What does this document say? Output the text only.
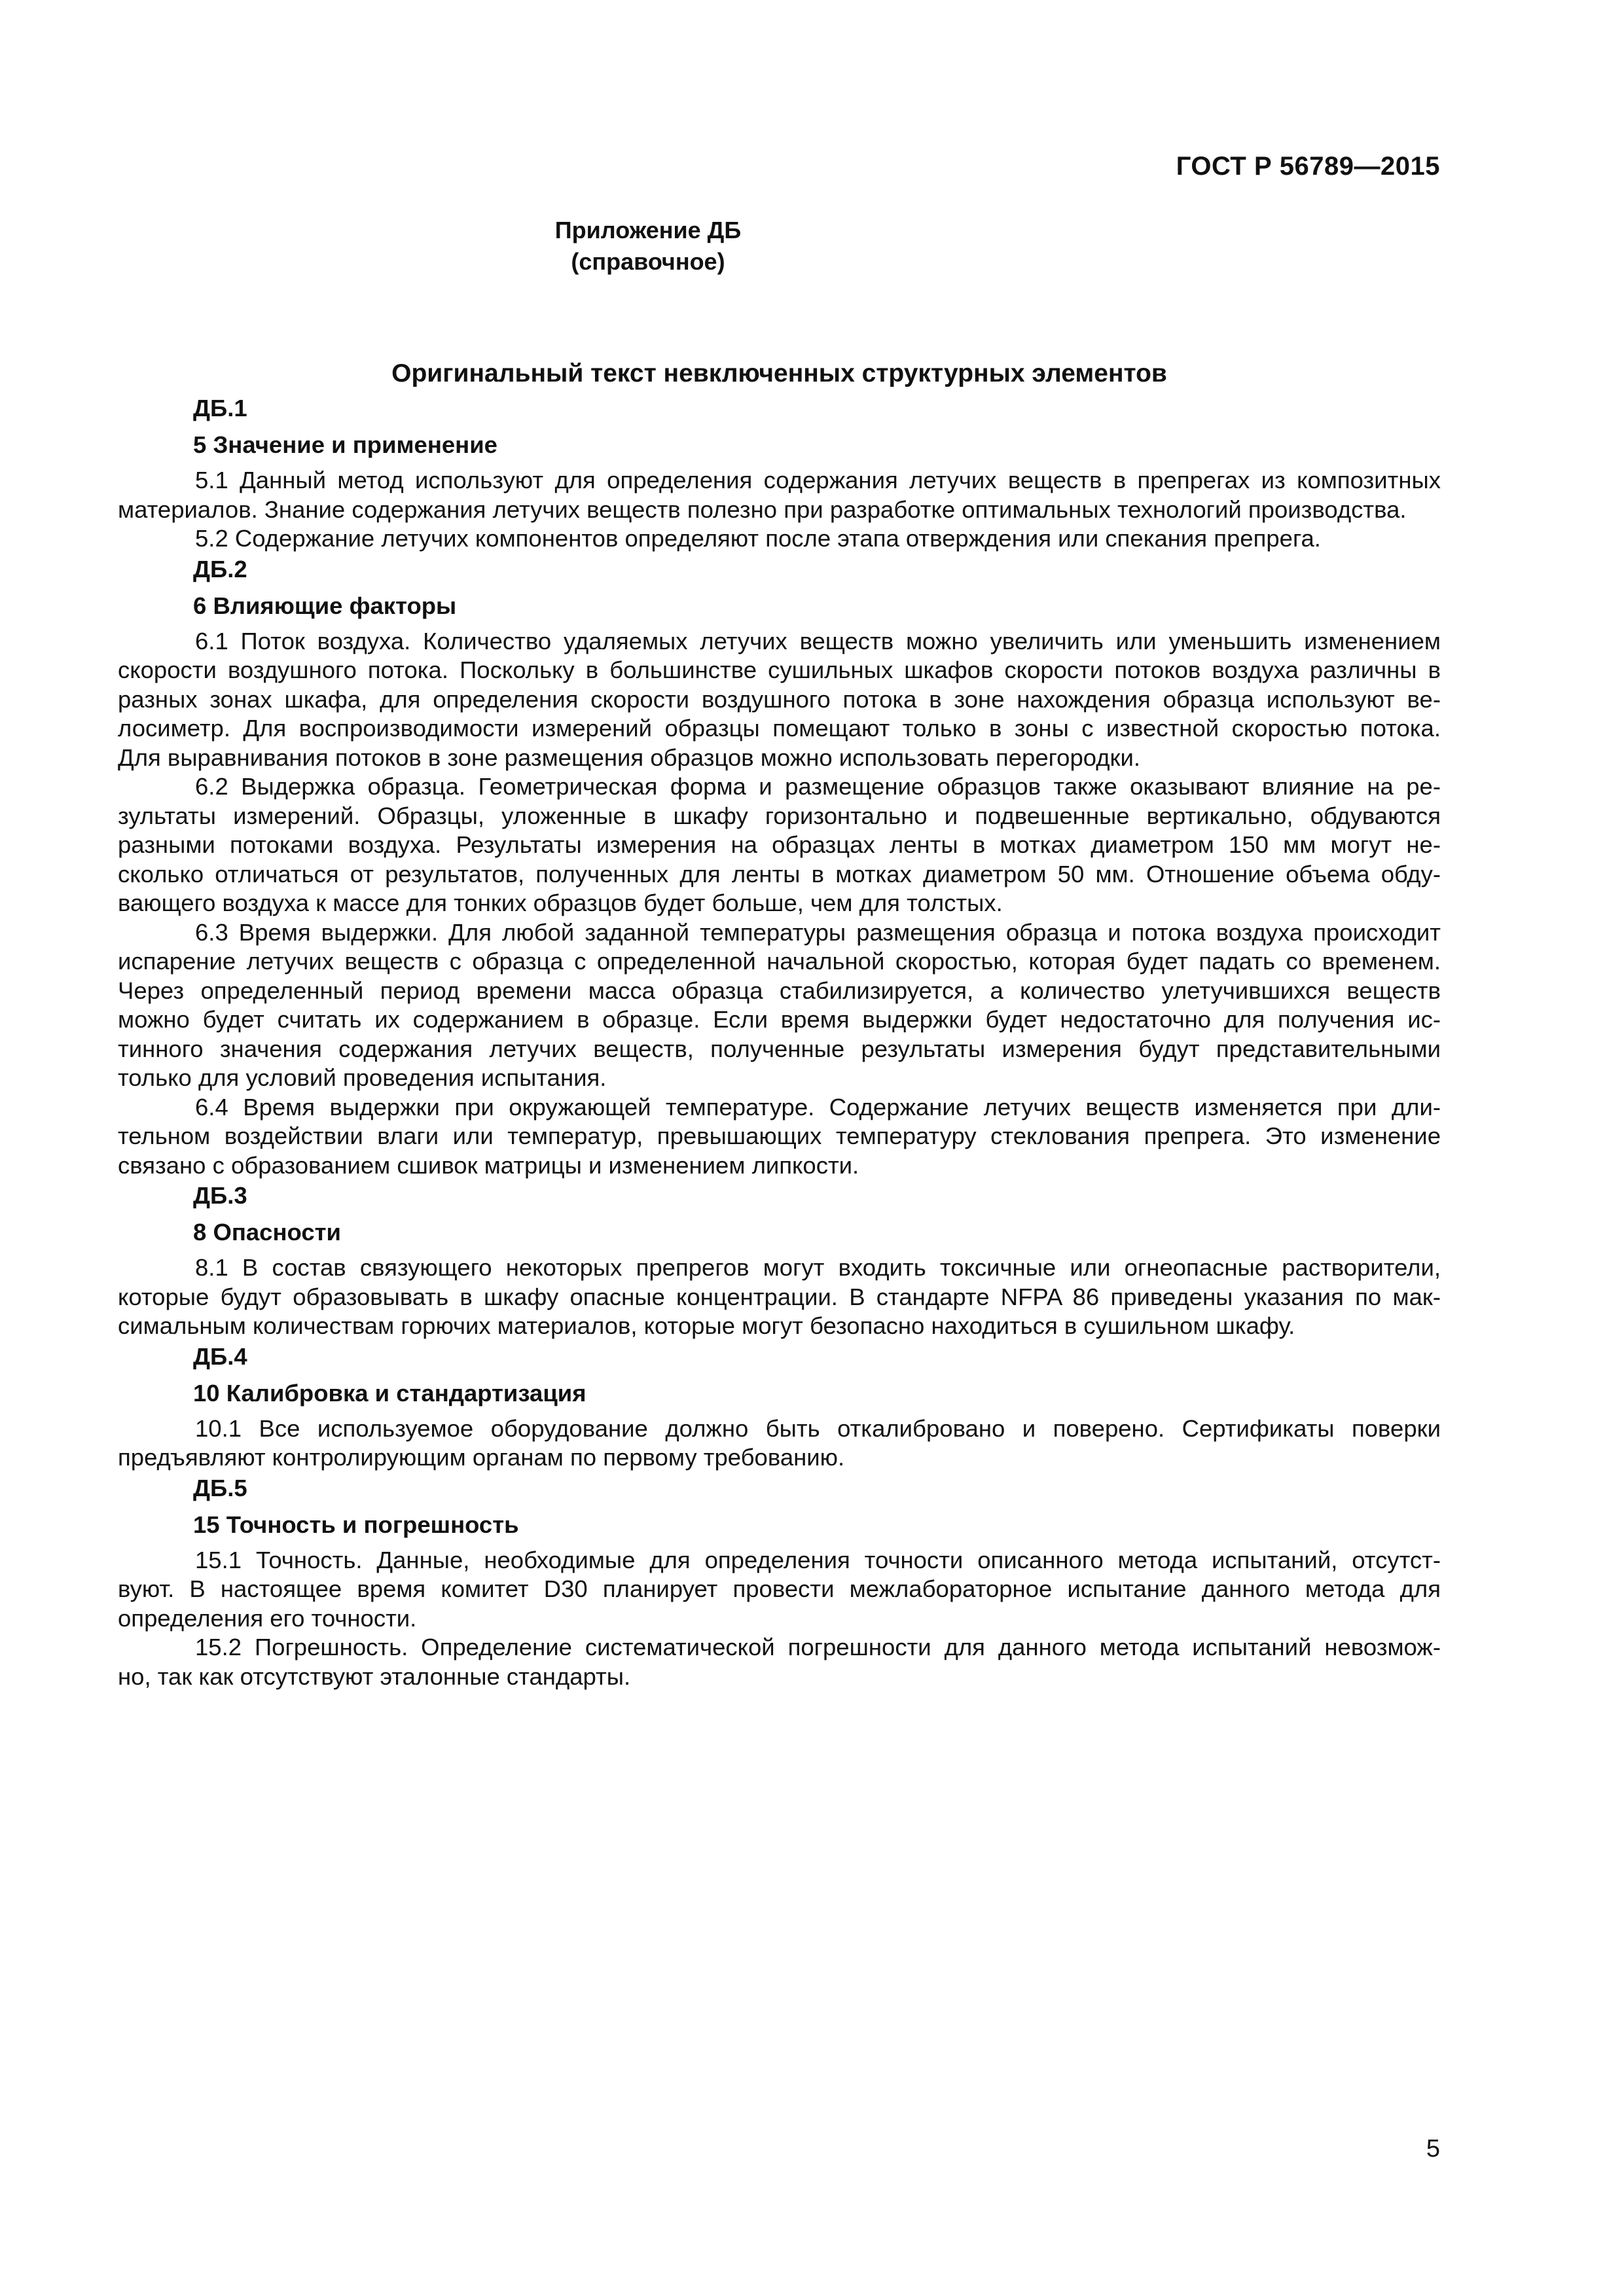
ГОСТ Р 56789—2015
Приложение ДБ
(справочное)
Оригинальный текст невключенных структурных элементов
ДБ.1
5 Значение и применение
5.1 Данный метод используют для определения содержания летучих веществ в препрегах из композитных
материалов. Знание содержания летучих веществ полезно при разработке оптимальных технологий производства.
5.2 Содержание летучих компонентов определяют после этапа отверждения или спекания препрега.
ДБ.2
6 Влияющие факторы
6.1 Поток воздуха. Количество удаляемых летучих веществ можно увеличить или уменьшить изменением
скорости воздушного потока. Поскольку в большинстве сушильных шкафов скорости потоков воздуха различны в
разных зонах шкафа, для определения скорости воздушного потока в зоне нахождения образца используют ве-
лосиметр. Для воспроизводимости измерений образцы помещают только в зоны с известной скоростью потока.
Для выравнивания потоков в зоне размещения образцов можно использовать перегородки.
6.2 Выдержка образца. Геометрическая форма и размещение образцов также оказывают влияние на ре-
зультаты измерений. Образцы, уложенные в шкафу горизонтально и подвешенные вертикально, обдуваются
разными потоками воздуха. Результаты измерения на образцах ленты в мотках диаметром 150 мм могут не-
сколько отличаться от результатов, полученных для ленты в мотках диаметром 50 мм. Отношение объема обду-
вающего воздуха к массе для тонких образцов будет больше, чем для толстых.
6.3 Время выдержки. Для любой заданной температуры размещения образца и потока воздуха происходит
испарение летучих веществ с образца с определенной начальной скоростью, которая будет падать со временем.
Через определенный период времени масса образца стабилизируется, а количество улетучившихся веществ
можно будет считать их содержанием в образце. Если время выдержки будет недостаточно для получения ис-
тинного значения содержания летучих веществ, полученные результаты измерения будут представительными
только для условий проведения испытания.
6.4 Время выдержки при окружающей температуре. Содержание летучих веществ изменяется при дли-
тельном воздействии влаги или температур, превышающих температуру стеклования препрега. Это изменение
связано с образованием сшивок матрицы и изменением липкости.
ДБ.3
8 Опасности
8.1 В состав связующего некоторых препрегов могут входить токсичные или огнеопасные растворители,
которые будут образовывать в шкафу опасные концентрации. В стандарте NFPA 86 приведены указания по мак-
симальным количествам горючих материалов, которые могут безопасно находиться в сушильном шкафу.
ДБ.4
10 Калибровка и стандартизация
10.1 Все используемое оборудование должно быть откалибровано и поверено. Сертификаты поверки
предъявляют контролирующим органам по первому требованию.
ДБ.5
15 Точность и погрешность
15.1 Точность. Данные, необходимые для определения точности описанного метода испытаний, отсутст-
вуют. В настоящее время комитет D30 планирует провести межлабораторное испытание данного метода для
определения его точности.
15.2 Погрешность. Определение систематической погрешности для данного метода испытаний невозмож-
но, так как отсутствуют эталонные стандарты.
5
